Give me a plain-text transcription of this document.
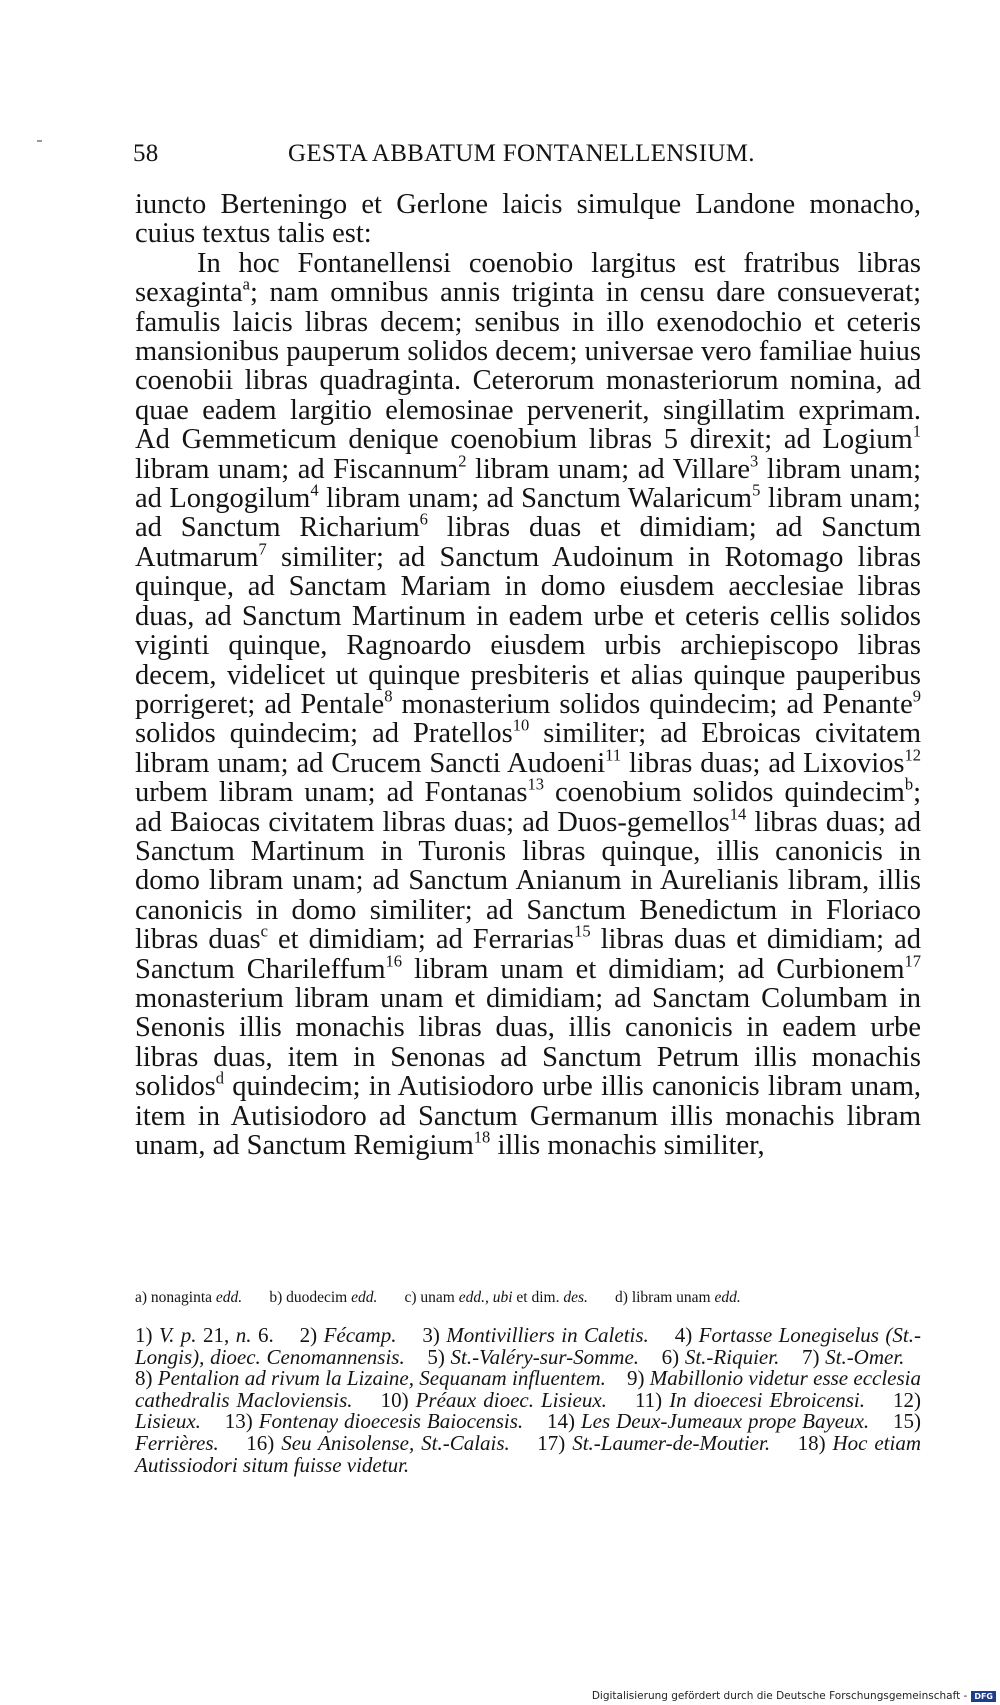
58	GESTA ABBATUM FONTANELLENSIUM.

iuncto Berteningo et Gerlone laicis simulque Landone monacho, cuius textus talis est:

In hoc Fontanellensi coenobio largitus est fratribus libras sexaginta$^a$; nam omnibus annis triginta in censu dare consueverat; famulis laicis libras decem; senibus in illo exenodochio et ceteris mansionibus pauperum solidos decem; universae vero familiae huius coenobii libras quadraginta. Ceterorum monasteriorum nomina, ad quae eadem largitio elemosinae pervenerit, singillatim exprimam. Ad Gemmeticum denique coenobium libras 5 direxit; ad Logium$^1$ libram unam; ad Fiscannum$^2$ libram unam; ad Villare$^3$ libram unam; ad Longogilum$^4$ libram unam; ad Sanctum Walaricum$^5$ libram unam; ad Sanctum Richarium$^6$ libras duas et dimidiam; ad Sanctum Autmarum$^7$ similiter; ad Sanctum Audoinum in Rotomago libras quinque, ad Sanctam Mariam in domo eiusdem aecclesiae libras duas, ad Sanctum Martinum in eadem urbe et ceteris cellis solidos viginti quinque, Ragnoardo eiusdem urbis archiepiscopo libras decem, videlicet ut quinque presbiteris et alias quinque pauperibus porrigeret; ad Pentale$^8$ monasterium solidos quindecim; ad Penante$^9$ solidos quindecim; ad Pratellos$^{10}$ similiter; ad Ebroicas civitatem libram unam; ad Crucem Sancti Audoeni$^{11}$ libras duas; ad Lixovios$^{12}$ urbem libram unam; ad Fontanas$^{13}$ coenobium solidos quindecim$^b$; ad Baiocas civitatem libras duas; ad Duos-gemellos$^{14}$ libras duas; ad Sanctum Martinum in Turonis libras quinque, illis canonicis in domo libram unam; ad Sanctum Anianum in Aurelianis libram, illis canonicis in domo similiter; ad Sanctum Benedictum in Floriaco libras duas$^c$ et dimidiam; ad Ferrarias$^{15}$ libras duas et dimidiam; ad Sanctum Charileffum$^{16}$ libram unam et dimidiam; ad Curbionem$^{17}$ monasterium libram unam et dimidiam; ad Sanctam Columbam in Senonis illis monachis libras duas, illis canonicis in eadem urbe libras duas, item in Senonas ad Sanctum Petrum illis monachis solidos$^d$ quindecim; in Autisiodoro urbe illis canonicis libram unam, item in Autisiodoro ad Sanctum Germanum illis monachis libram unam, ad Sanctum Remigium$^{18}$ illis monachis similiter,

a) nonaginta edd.       b) duodecim edd.       c) unam edd., ubi et dim. des.       d) libram unam edd.
1) V. p. 21, n. 6.    2) Fécamp.    3) Montivilliers in Caletis.    4) Fortasse Lonegiselus (St.-Longis), dioec. Cenomannensis.    5) St.-Valéry-sur-Somme.    6) St.-Riquier.    7) St.-Omer.    8) Pentalion ad rivum la Lizaine, Sequanam influentem.    9) Mabillonio videtur esse ecclesia cathedralis Macloviensis.    10) Préaux dioec. Lisieux.    11) In dioecesi Ebroicensi.    12) Lisieux.    13) Fontenay dioecesis Baiocensis.    14) Les Deux-Jumeaux prope Bayeux.    15) Ferrières.    16) Seu Anisolense, St.-Calais.    17) St.-Laumer-de-Moutier.    18) Hoc etiam Autissiodori situm fuisse videtur.
Digitalisierung gefördert durch die Deutsche Forschungsgemeinschaft - DFG
